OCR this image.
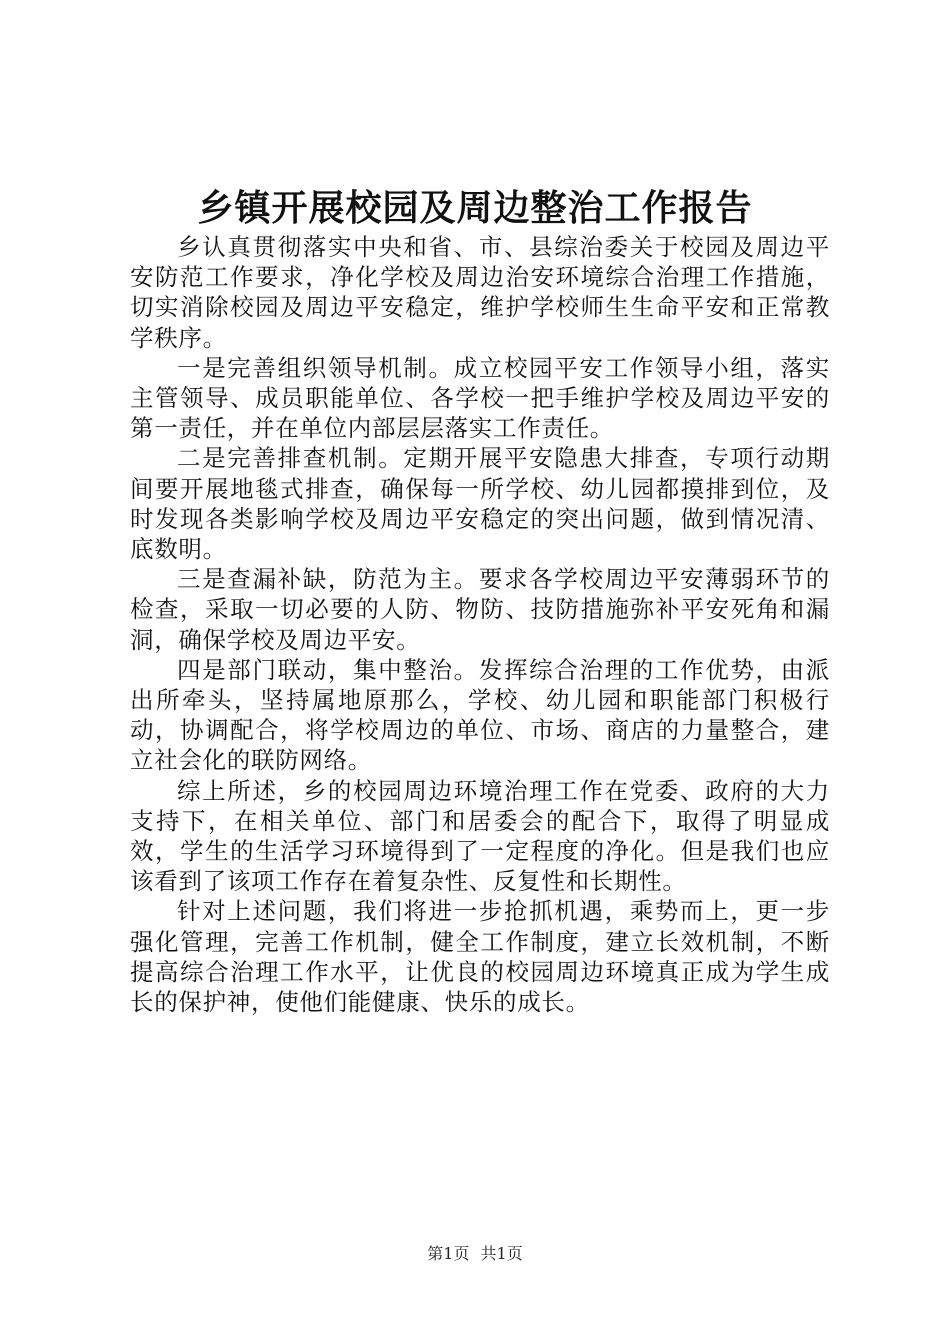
乡镇开展校园及周边整治工作报告

乡认真贯彻落实中央和省、市、县综治委关于校园及周边平安防范工作要求，净化学校及周边治安环境综合治理工作措施，切实消除校园及周边平安稳定，维护学校师生生命平安和正常教学秩序。

一是完善组织领导机制。成立校园平安工作领导小组，落实主管领导、成员职能单位、各学校一把手维护学校及周边平安的第一责任，并在单位内部层层落实工作责任。

二是完善排查机制。定期开展平安隐患大排查，专项行动期间要开展地毯式排查，确保每一所学校、幼儿园都摸排到位，及时发现各类影响学校及周边平安稳定的突出问题，做到情况清、底数明。

三是查漏补缺，防范为主。要求各学校周边平安薄弱环节的检查，采取一切必要的人防、物防、技防措施弥补平安死角和漏洞，确保学校及周边平安。

四是部门联动，集中整治。发挥综合治理的工作优势，由派出所牵头，坚持属地原那么，学校、幼儿园和职能部门积极行动，协调配合，将学校周边的单位、市场、商店的力量整合，建立社会化的联防网络。

综上所述，乡的校园周边环境治理工作在党委、政府的大力支持下，在相关单位、部门和居委会的配合下，取得了明显成效，学生的生活学习环境得到了一定程度的净化。但是我们也应该看到了该项工作存在着复杂性、反复性和长期性。

针对上述问题，我们将进一步抢抓机遇，乘势而上，更一步强化管理，完善工作机制，健全工作制度，建立长效机制，不断提高综合治理工作水平，让优良的校园周边环境真正成为学生成长的保护神，使他们能健康、快乐的成长。

第1页 共1页
